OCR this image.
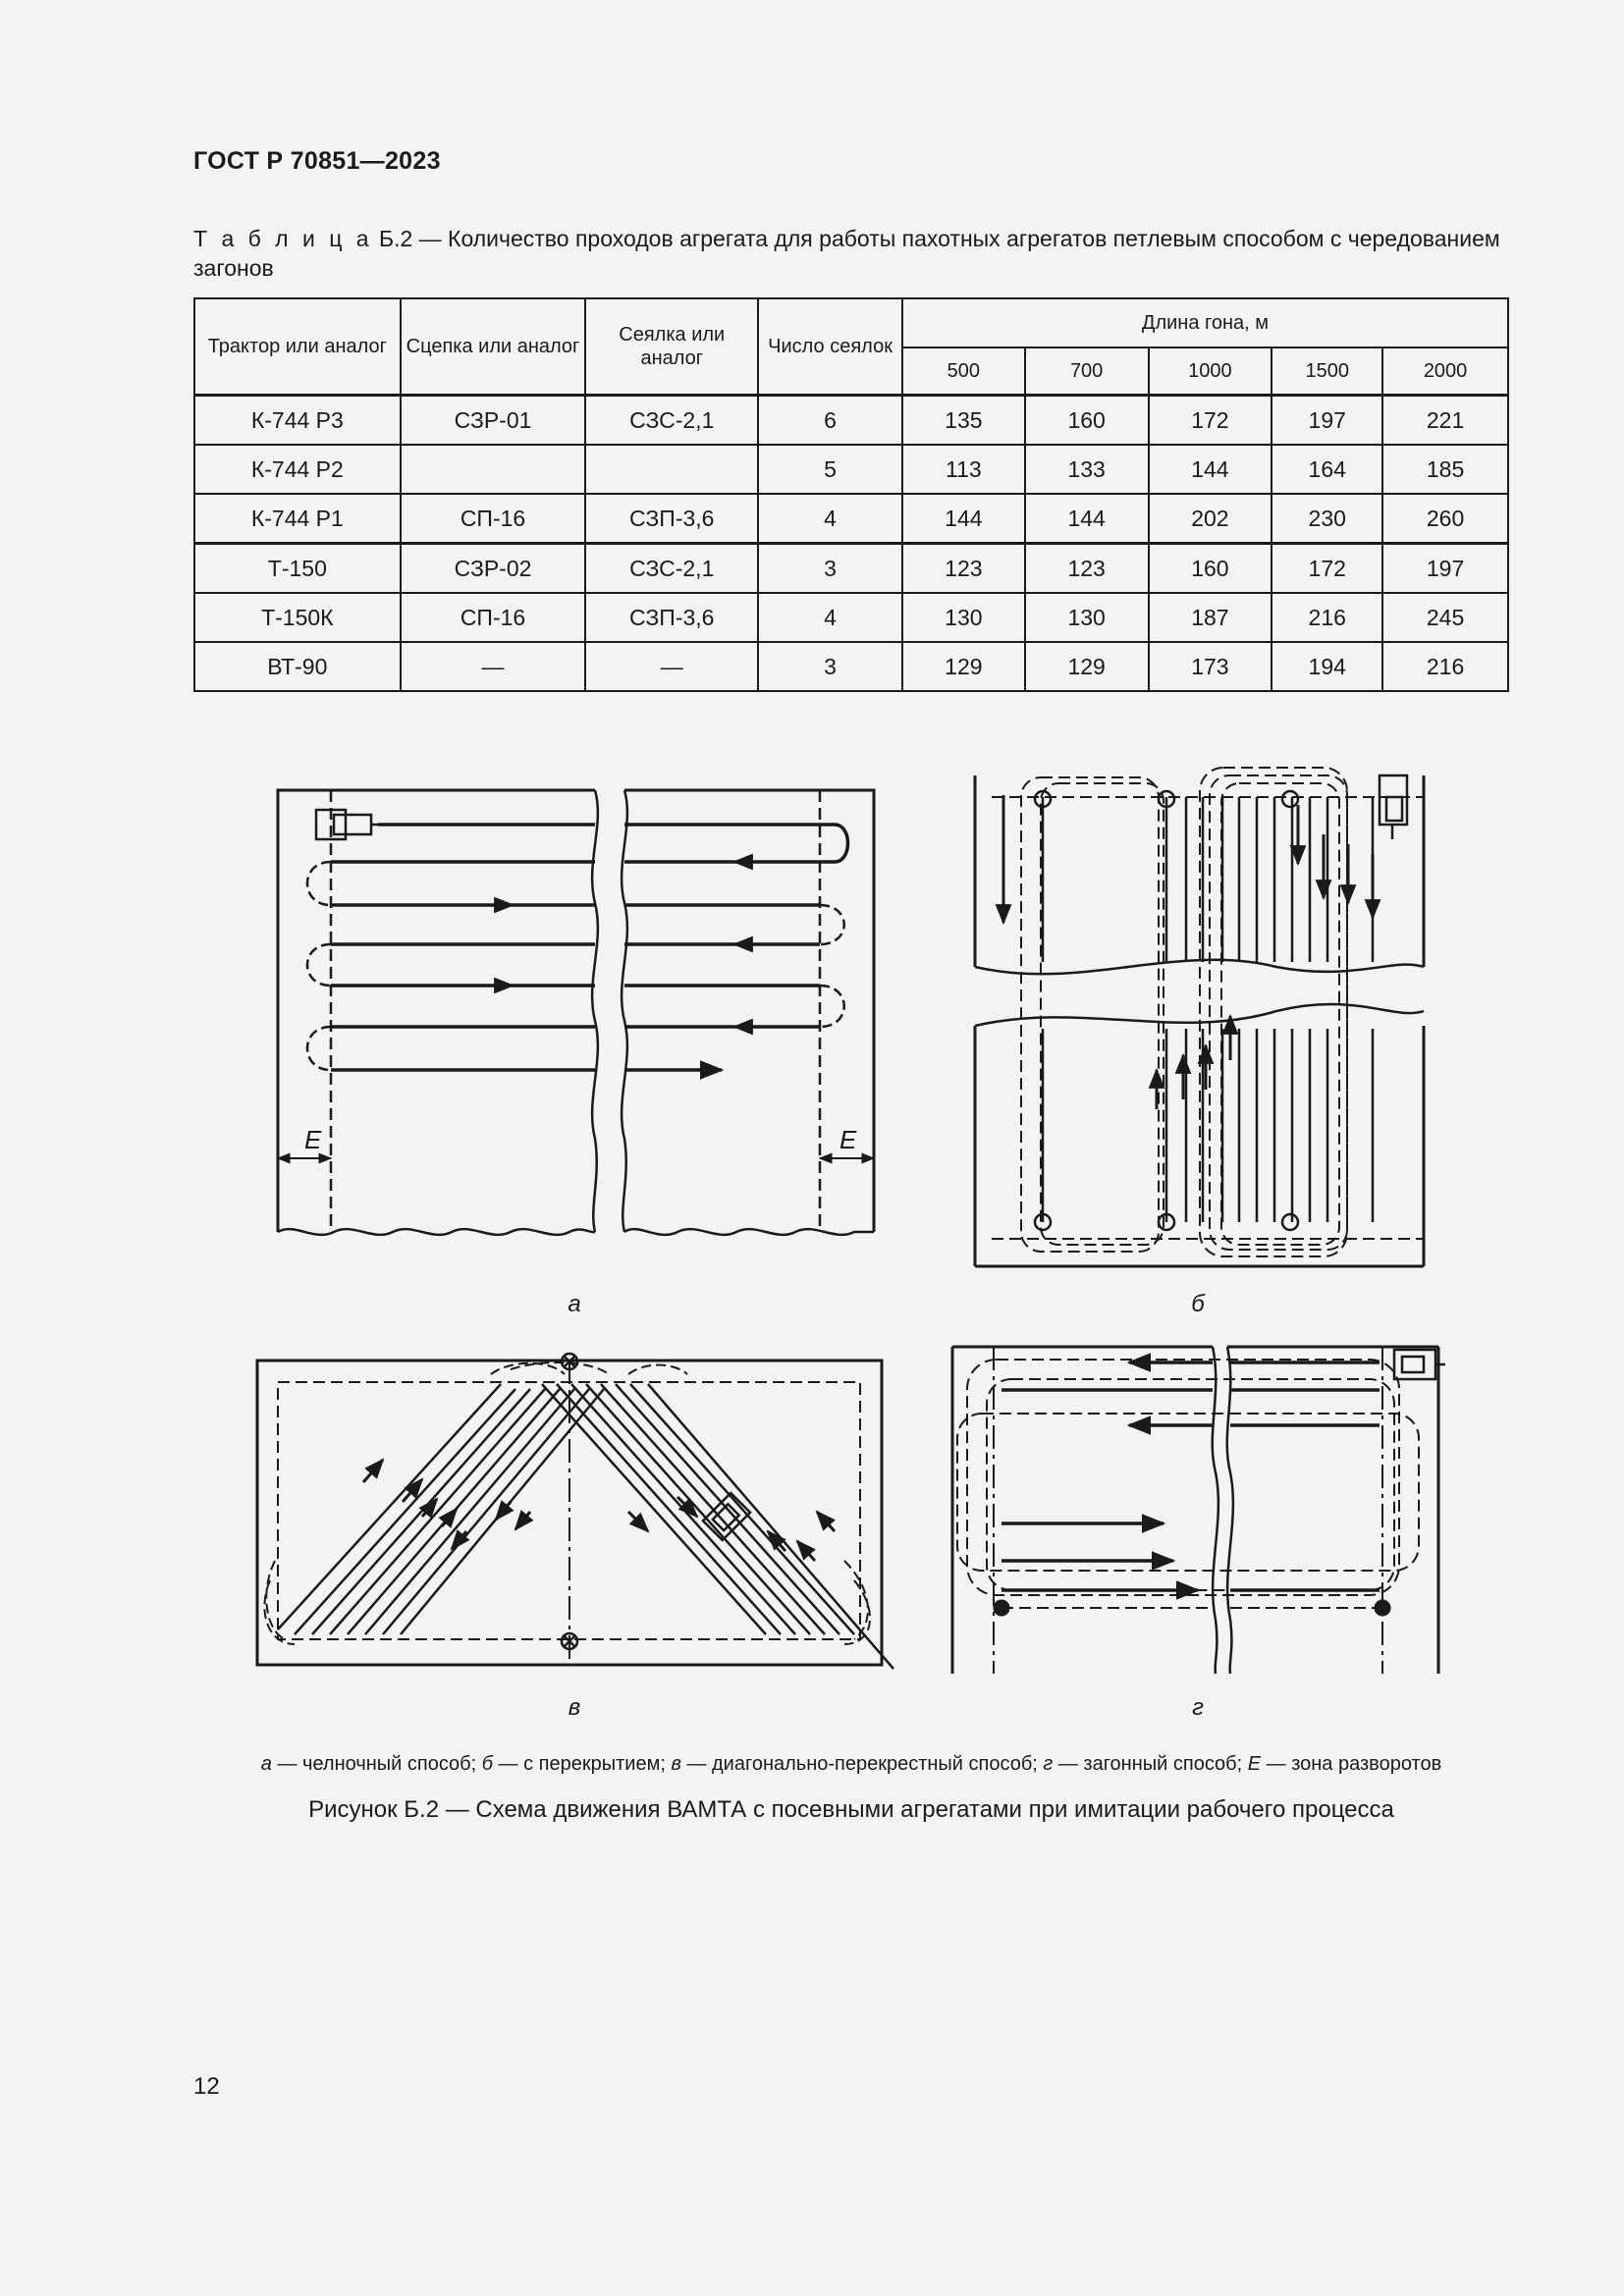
ГОСТ Р 70851—2023
Т а б л и ц а Б.2 — Количество проходов агрегата для работы пахотных агрегатов петлевым способом с чередованием загонов
Трактор или аналог	Сцепка или аналог	Сеялка или аналог	Число сеялок	Длина гона, м				
				500	700	1000	1500	2000
К-744 Р3	СЗР-01	СЗС-2,1	6	135	160	172	197	221
К-744 Р2			5	113	133	144	164	185
К-744 Р1	СП-16	СЗП-3,6	4	144	144	202	230	260
Т-150	СЗР-02	СЗС-2,1	3	123	123	160	172	197
Т-150К	СП-16	СЗП-3,6	4	130	130	187	216	245
ВТ-90	—	—	3	129	129	173	194	216
E	E
а	б
в	г
а — челночный способ; б — с перекрытием; в — диагонально-перекрестный способ; г — загонный способ; E — зона разворотов
Рисунок Б.2 — Схема движения ВАМТА с посевными агрегатами при имитации рабочего процесса
12
